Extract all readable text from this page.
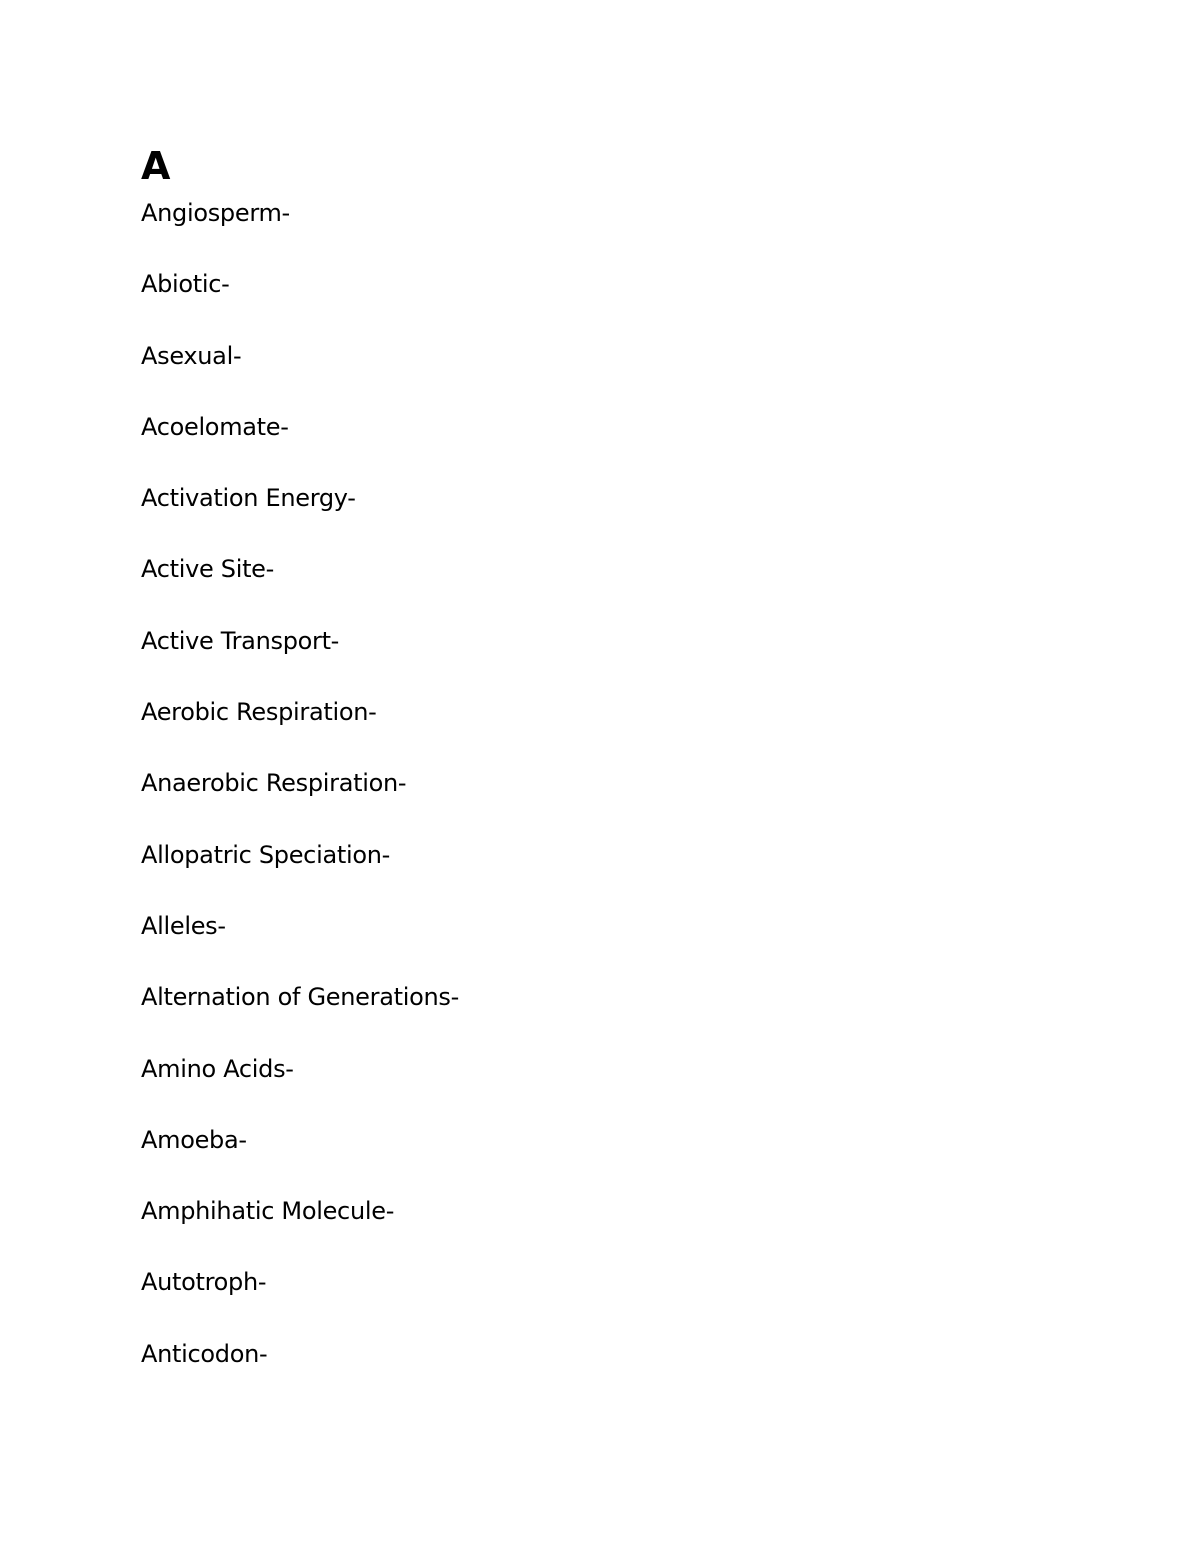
A
Angiosperm-
Abiotic-
Asexual-
Acoelomate-
Activation Energy-
Active Site-
Active Transport-
Aerobic Respiration-
Anaerobic Respiration-
Allopatric Speciation-
Alleles-
Alternation of Generations-
Amino Acids-
Amoeba-
Amphihatic Molecule-
Autotroph-
Anticodon-
